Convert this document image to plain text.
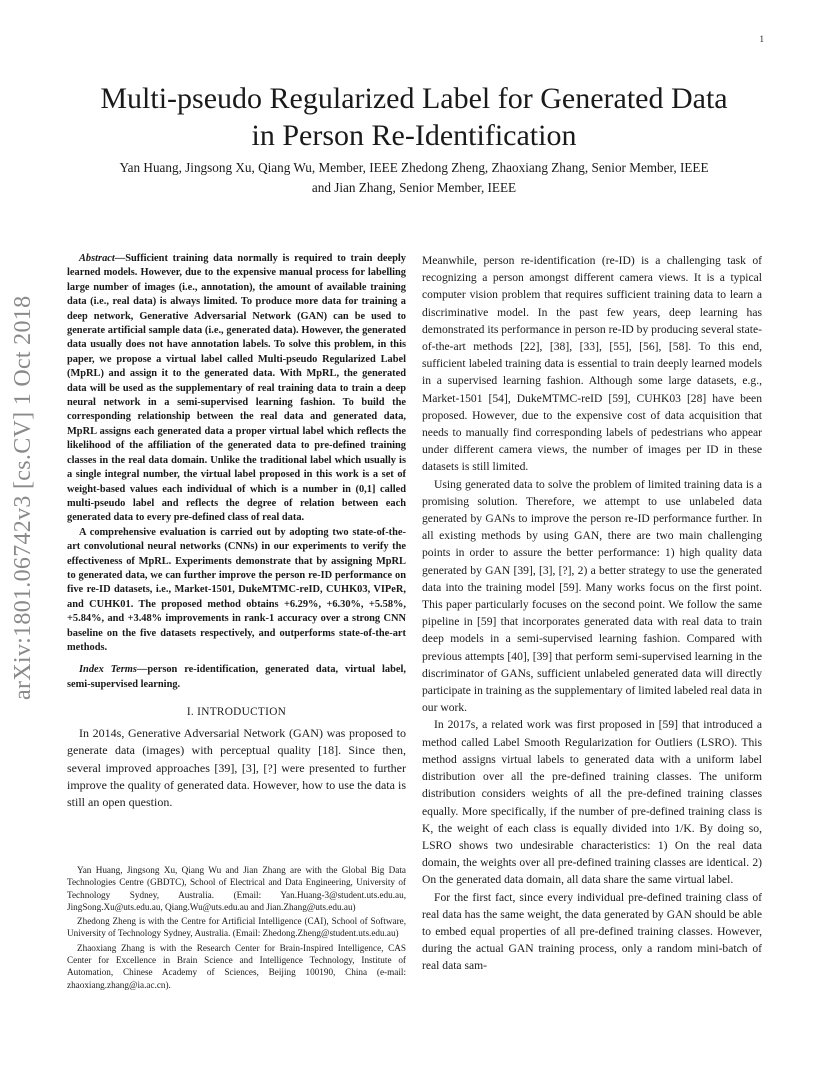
1
arXiv:1801.06742v3 [cs.CV] 1 Oct 2018
Multi-pseudo Regularized Label for Generated Data
in Person Re-Identification
Yan Huang, Jingsong Xu, Qiang Wu, Member, IEEE Zhedong Zheng, Zhaoxiang Zhang, Senior Member, IEEE
and Jian Zhang, Senior Member, IEEE

Abstract—Sufficient training data normally is required to train deeply learned models. However, due to the expensive manual process for labelling large number of images (i.e., annotation), the amount of available training data (i.e., real data) is always limited. To produce more data for training a deep network, Generative Adversarial Network (GAN) can be used to generate artificial sample data (i.e., generated data). However, the generated data usually does not have annotation labels. To solve this problem, in this paper, we propose a virtual label called Multi-pseudo Regularized Label (MpRL) and assign it to the generated data. With MpRL, the generated data will be used as the supplementary of real training data to train a deep neural network in a semi-supervised learning fashion. To build the corresponding relationship between the real data and generated data, MpRL assigns each generated data a proper virtual label which reflects the likelihood of the affiliation of the generated data to pre-defined training classes in the real data domain. Unlike the traditional label which usually is a single integral number, the virtual label proposed in this work is a set of weight-based values each individual of which is a number in (0,1] called multi-pseudo label and reflects the degree of relation between each generated data to every pre-defined class of real data.

A comprehensive evaluation is carried out by adopting two state-of-the-art convolutional neural networks (CNNs) in our experiments to verify the effectiveness of MpRL. Experiments demonstrate that by assigning MpRL to generated data, we can further improve the person re-ID performance on five re-ID datasets, i.e., Market-1501, DukeMTMC-reID, CUHK03, VIPeR, and CUHK01. The proposed method obtains +6.29%, +6.30%, +5.58%, +5.84%, and +3.48% improvements in rank-1 accuracy over a strong CNN baseline on the five datasets respectively, and outperforms state-of-the-art methods.

Index Terms—person re-identification, generated data, virtual label, semi-supervised learning.

I. INTRODUCTION

In 2014s, Generative Adversarial Network (GAN) was proposed to generate data (images) with perceptual quality [18]. Since then, several improved approaches [39], [3], [?] were presented to further improve the quality of generated data. However, how to use the data is still an open question.

Yan Huang, Jingsong Xu, Qiang Wu and Jian Zhang are with the Global Big Data Technologies Centre (GBDTC), School of Electrical and Data Engineering, University of Technology Sydney, Australia. (Email: Yan.Huang-3@student.uts.edu.au, JingSong.Xu@uts.edu.au, Qiang.Wu@uts.edu.au and Jian.Zhang@uts.edu.au)

Zhedong Zheng is with the Centre for Artificial Intelligence (CAI), School of Software, University of Technology Sydney, Australia. (Email: Zhedong.Zheng@student.uts.edu.au)

Zhaoxiang Zhang is with the Research Center for Brain-Inspired Intelligence, CAS Center for Excellence in Brain Science and Intelligence Technology, Institute of Automation, Chinese Academy of Sciences, Beijing 100190, China (e-mail: zhaoxiang.zhang@ia.ac.cn).

Meanwhile, person re-identification (re-ID) is a challenging task of recognizing a person amongst different camera views. It is a typical computer vision problem that requires sufficient training data to learn a discriminative model. In the past few years, deep learning has demonstrated its performance in person re-ID by producing several state-of-the-art methods [22], [38], [33], [55], [56], [58]. To this end, sufficient labeled training data is essential to train deeply learned models in a supervised learning fashion. Although some large datasets, e.g., Market-1501 [54], DukeMTMC-reID [59], CUHK03 [28] have been proposed. However, due to the expensive cost of data acquisition that needs to manually find corresponding labels of pedestrians who appear under different camera views, the number of images per ID in these datasets is still limited.

Using generated data to solve the problem of limited training data is a promising solution. Therefore, we attempt to use unlabeled data generated by GANs to improve the person re-ID performance further. In all existing methods by using GAN, there are two main challenging points in order to assure the better performance: 1) high quality data generated by GAN [39], [3], [?], 2) a better strategy to use the generated data into the training model [59]. Many works focus on the first point. This paper particularly focuses on the second point. We follow the same pipeline in [59] that incorporates generated data with real data to train deep models in a semi-supervised learning fashion. Compared with previous attempts [40], [39] that perform semi-supervised learning in the discriminator of GANs, sufficient unlabeled generated data will directly participate in training as the supplementary of limited labeled real data in our work.

In 2017s, a related work was first proposed in [59] that introduced a method called Label Smooth Regularization for Outliers (LSRO). This method assigns virtual labels to generated data with a uniform label distribution over all the pre-defined training classes. The uniform distribution considers weights of all the pre-defined training classes equally. More specifically, if the number of pre-defined training class is K, the weight of each class is equally divided into 1/K. By doing so, LSRO shows two undesirable characteristics: 1) On the real data domain, the weights over all pre-defined training classes are identical. 2) On the generated data domain, all data share the same virtual label.

For the first fact, since every individual pre-defined training class of real data has the same weight, the data generated by GAN should be able to embed equal properties of all pre-defined training classes. However, during the actual GAN training process, only a random mini-batch of real data sam-
